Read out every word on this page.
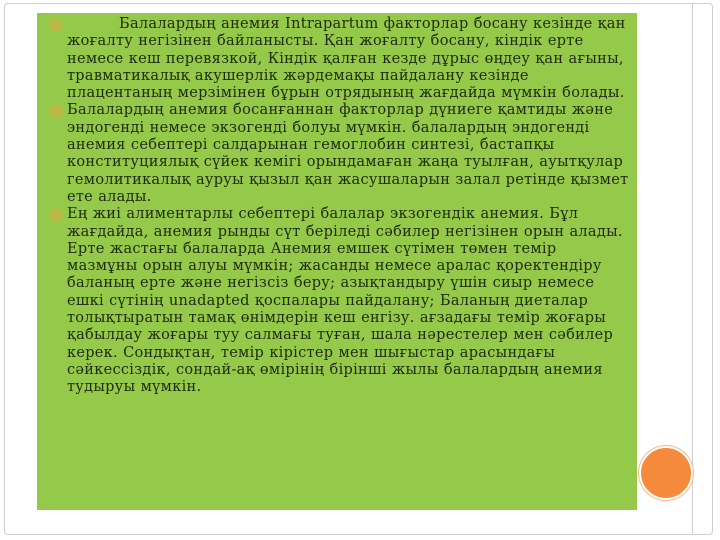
Балалардың анемия Intrapartum факторлар босану кезінде қан жоғалту негізінен байланысты. Қан жоғалту босану, кіндік ерте немесе кеш перевязкой, Кіндік қалған кезде дұрыс өңдеу қан ағыны, травматикалық акушерлік жәрдемақы пайдалану кезінде плацентаның мерзімінен бұрын отрядының жағдайда мүмкін болады.
Балалардың анемия босанғаннан факторлар дүниеге қамтиды және эндогенді немесе экзогенді болуы мүмкін. балалардың эндогенді анемия себептері салдарынан гемоглобин синтезі, бастапқы конституциялық сүйек кемігі орындамаған жаңа туылған, ауытқулар гемолитикалық ауруы қызыл қан жасушаларын залал ретінде қызмет ете алады.
Ең жиі алиментарлы себептері балалар экзогендік анемия. Бұл жағдайда, анемия рынды сүт беріледі сәбилер негізінен орын алады. Ерте жастағы балаларда Анемия емшек сүтімен төмен темір мазмұны орын алуы мүмкін; жасанды немесе аралас қоректендіру баланың ерте және негізсіз беру; азықтандыру үшін сиыр немесе ешкі сүтінің unadapted қоспалары пайдалану; Баланың диеталар толықтыратын тамақ өнімдерін кеш енгізу. ағзадағы темір жоғары қабылдау жоғары туу салмағы туған, шала нәрестелер мен сәбилер керек. Сондықтан, темір кірістер мен шығыстар арасындағы сәйкессіздік, сондай-ақ өмірінің бірінші жылы балалардың анемия тудыруы мүмкін.
